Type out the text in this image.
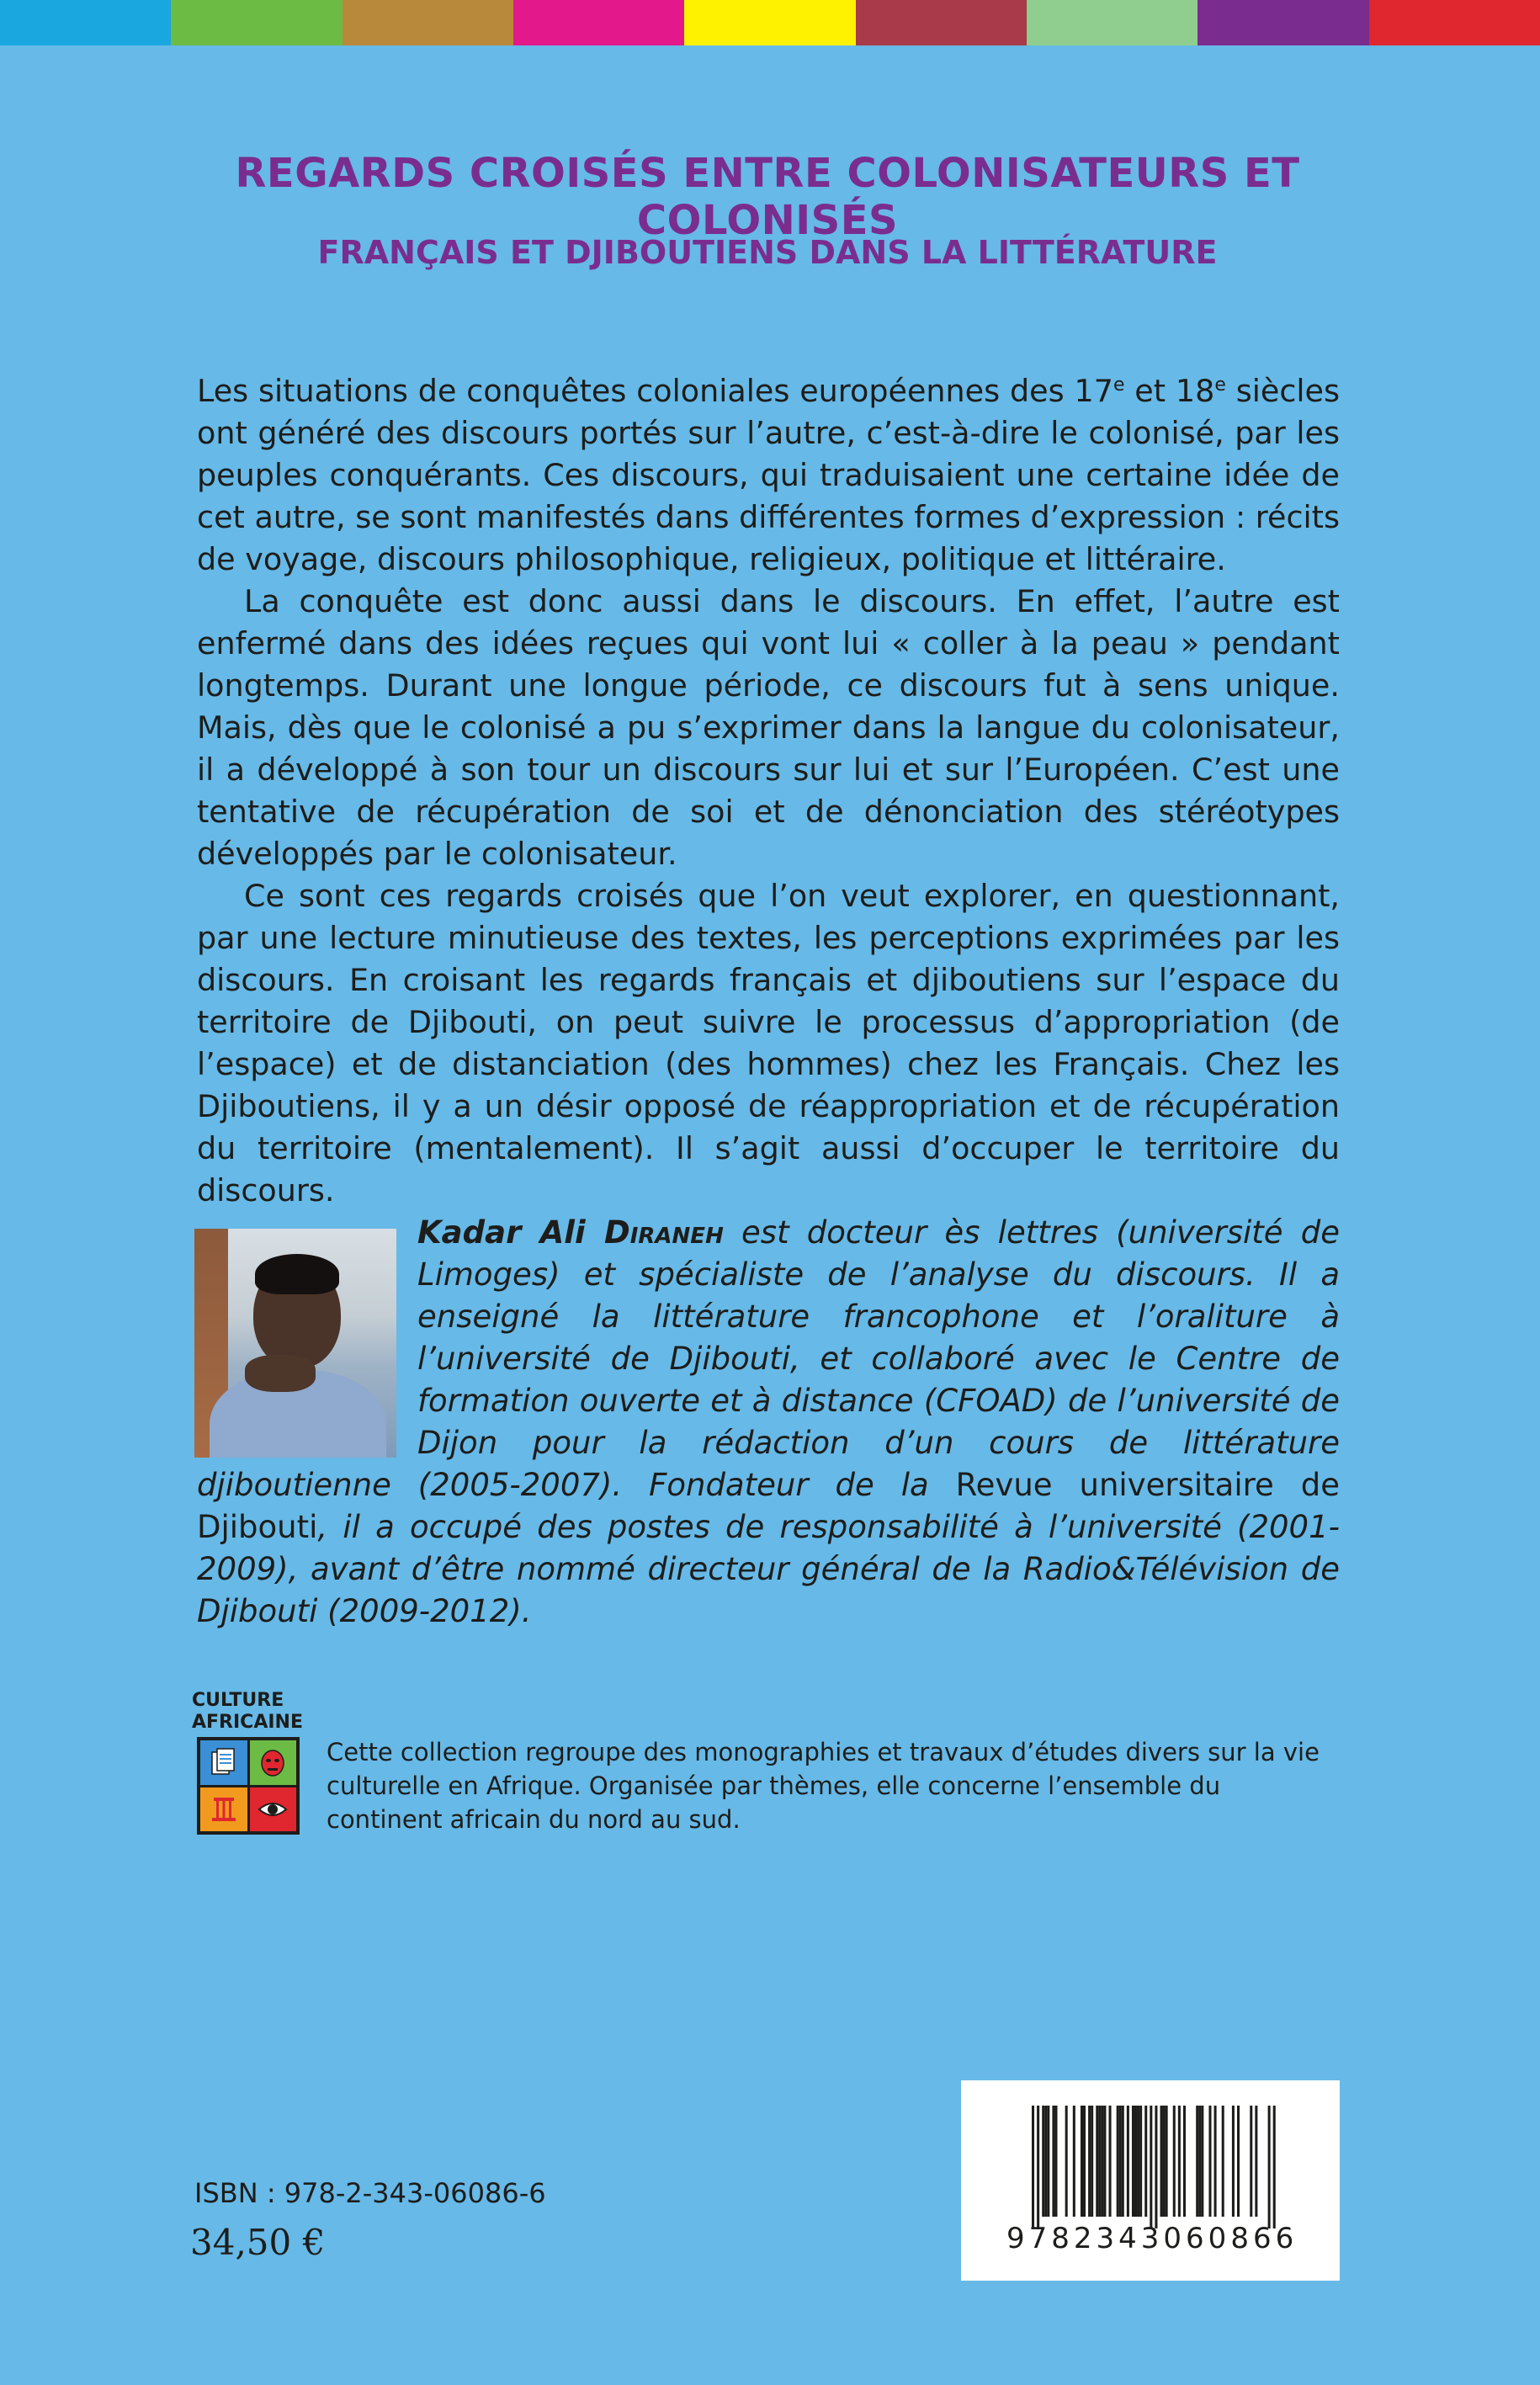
REGARDS CROISÉS ENTRE COLONISATEURS ET COLONISÉS
FRANÇAIS ET DJIBOUTIENS DANS LA LITTÉRATURE

Les situations de conquêtes coloniales européennes des 17e et 18e siècles ont généré des discours portés sur l’autre, c’est-à-dire le colonisé, par les peuples conquérants. Ces discours, qui traduisaient une certaine idée de cet autre, se sont manifestés dans différentes formes d’expression : récits de voyage, discours philosophique, religieux, politique et littéraire.

La conquête est donc aussi dans le discours. En effet, l’autre est enfermé dans des idées reçues qui vont lui « coller à la peau » pendant longtemps. Durant une longue période, ce discours fut à sens unique. Mais, dès que le colonisé a pu s’exprimer dans la langue du colonisateur, il a développé à son tour un discours sur lui et sur l’Européen. C’est une tentative de récupération de soi et de dénonciation des stéréotypes développés par le colonisateur.

Ce sont ces regards croisés que l’on veut explorer, en questionnant, par une lecture minutieuse des textes, les perceptions exprimées par les discours. En croisant les regards français et djiboutiens sur l’espace du territoire de Djibouti, on peut suivre le processus d’appropriation (de l’espace) et de distanciation (des hommes) chez les Français. Chez les Djiboutiens, il y a un désir opposé de réappropriation et de récupération du territoire (mentalement). Il s’agit aussi d’occuper le territoire du discours.

Kadar Ali Diraneh est docteur ès lettres (université de Limoges) et spécialiste de l’analyse du discours. Il a enseigné la littérature francophone et l’oraliture à l’université de Djibouti, et collaboré avec le Centre de formation ouverte et à distance (CFOAD) de l’université de Dijon pour la rédaction d’un cours de littérature djiboutienne (2005-2007). Fondateur de la Revue universitaire de Djibouti, il a occupé des postes de responsabilité à l’université (2001-2009), avant d’être nommé directeur général de la Radio&Télévision de Djibouti (2009-2012).

CULTURE
AFRICAINE

Cette collection regroupe des monographies et travaux d’études divers sur la vie culturelle en Afrique. Organisée par thèmes, elle concerne l’ensemble du continent africain du nord au sud.

ISBN : 978-2-343-06086-6
34,50 €	9782343060866
